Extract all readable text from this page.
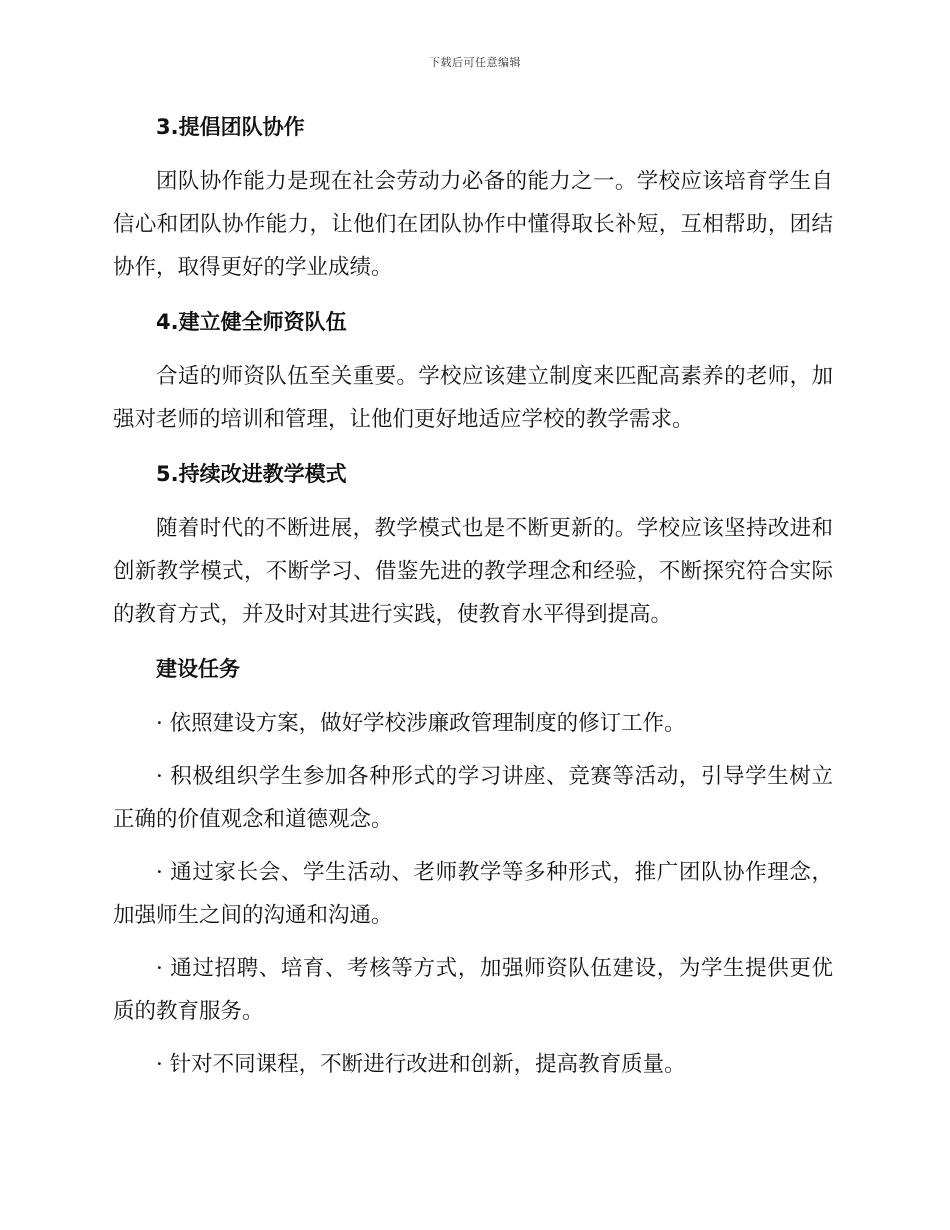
下载后可任意编辑
3.提倡团队协作

团队协作能力是现在社会劳动力必备的能力之一。学校应该培育学生自信心和团队协作能力，让他们在团队协作中懂得取长补短，互相帮助，团结协作，取得更好的学业成绩。

4.建立健全师资队伍

合适的师资队伍至关重要。学校应该建立制度来匹配高素养的老师，加强对老师的培训和管理，让他们更好地适应学校的教学需求。

5.持续改进教学模式

随着时代的不断进展，教学模式也是不断更新的。学校应该坚持改进和创新教学模式，不断学习、借鉴先进的教学理念和经验，不断探究符合实际的教育方式，并及时对其进行实践，使教育水平得到提高。

建设任务

· 依照建设方案，做好学校涉廉政管理制度的修订工作。

· 积极组织学生参加各种形式的学习讲座、竞赛等活动，引导学生树立正确的价值观念和道德观念。

· 通过家长会、学生活动、老师教学等多种形式，推广团队协作理念，加强师生之间的沟通和沟通。

· 通过招聘、培育、考核等方式，加强师资队伍建设，为学生提供更优质的教育服务。

· 针对不同课程，不断进行改进和创新，提高教育质量。
